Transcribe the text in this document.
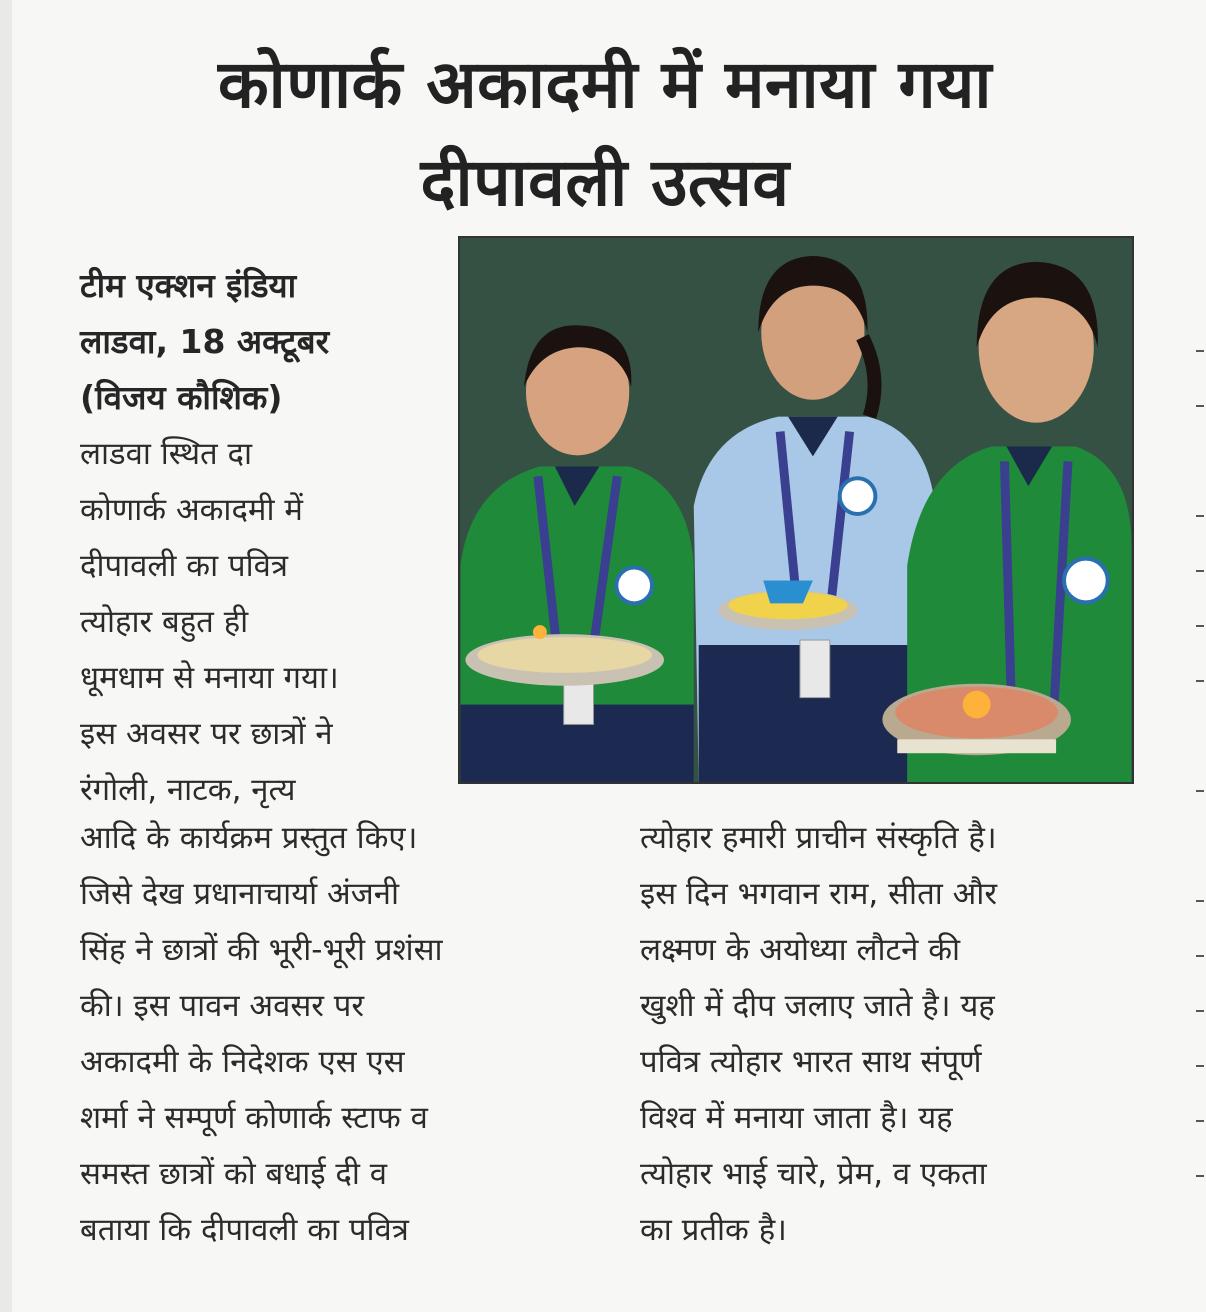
कोणार्क अकादमी में मनाया गया
दीपावली उत्सव
टीम एक्शन इंडिया
लाडवा, 18 अक्टूबर
(विजय कौशिक)
लाडवा स्थित दा
कोणार्क अकादमी में
दीपावली का पवित्र
त्योहार बहुत ही
धूमधाम से मनाया गया।
इस अवसर पर छात्रों ने
रंगोली, नाटक, नृत्य
आदि के कार्यक्रम प्रस्तुत किए।
जिसे देख प्रधानाचार्या अंजनी
सिंह ने छात्रों की भूरी-भूरी प्रशंसा
की। इस पावन अवसर पर
अकादमी के निदेशक एस एस
शर्मा ने सम्पूर्ण कोणार्क स्टाफ व
समस्त छात्रों को बधाई दी व
बताया कि दीपावली का पवित्र
त्योहार हमारी प्राचीन संस्कृति है।
इस दिन भगवान राम, सीता और
लक्ष्मण के अयोध्या लौटने की
खुशी में दीप जलाए जाते है। यह
पवित्र त्योहार भारत साथ संपूर्ण
विश्व में मनाया जाता है। यह
त्योहार भाई चारे, प्रेम, व एकता
का प्रतीक है।
